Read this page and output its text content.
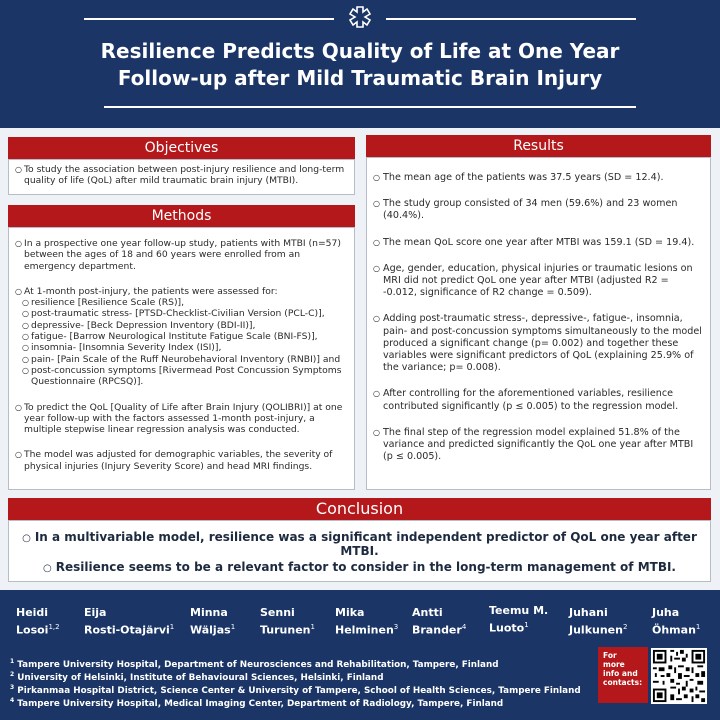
Resilience Predicts Quality of Life at One Year
Follow-up after Mild Traumatic Brain Injury
Objectives
○ To study the association between post-injury resilience and long-term quality of life (QoL) after mild traumatic brain injury (MTBI).
Methods
○ In a prospective one year follow-up study, patients with MTBI (n=57) between the ages of 18 and 60 years were enrolled from an emergency department.
○ At 1-month post-injury, the patients were assessed for:
○ resilience [Resilience Scale (RS)],
○ post-traumatic stress- [PTSD-Checklist-Civilian Version (PCL-C)],
○ depressive- [Beck Depression Inventory (BDI-II)],
○ fatigue- [Barrow Neurological Institute Fatigue Scale (BNI-FS)],
○ insomnia- [Insomnia Severity Index (ISI)],
○ pain- [Pain Scale of the Ruff Neurobehavioral Inventory (RNBI)] and
○ post-concussion symptoms [Rivermead Post Concussion Symptoms Questionnaire (RPCSQ)].
○ To predict the QoL [Quality of Life after Brain Injury (QOLIBRI)] at one year follow-up with the factors assessed 1-month post-injury, a multiple stepwise linear regression analysis was conducted.
○ The model was adjusted for demographic variables, the severity of physical injuries (Injury Severity Score) and head MRI findings.
Results
○ The mean age of the patients was 37.5 years (SD = 12.4).
○ The study group consisted of 34 men (59.6%) and 23 women (40.4%).
○ The mean QoL score one year after MTBI was 159.1 (SD = 19.4).
○ Age, gender, education, physical injuries or traumatic lesions on MRI did not predict QoL one year after MTBI (adjusted R2 = -0.012, significance of R2 change = 0.509).
○ Adding post-traumatic stress-, depressive-, fatigue-, insomnia, pain- and post-concussion symptoms simultaneously to the model produced a significant change (p= 0.002) and together these variables were significant predictors of QoL (explaining 25.9% of the variance; p= 0.008).
○ After controlling for the aforementioned variables, resilience contributed significantly (p ≤ 0.005) to the regression model.
○ The final step of the regression model explained 51.8% of the variance and predicted significantly the QoL one year after MTBI (p ≤ 0.005).
Conclusion
○ In a multivariable model, resilience was a significant independent predictor of QoL one year after MTBI.
○ Resilience seems to be a relevant factor to consider in the long-term management of MTBI.
Heidi
Losoi$^{1,2}$
Eija
Rosti-Otajärvi$^1$
Minna
Wäljas$^1$
Senni
Turunen$^1$
Mika
Helminen$^3$
Antti
Brander$^4$
Teemu M.
Luoto$^1$
Juhani
Julkunen$^2$
Juha
Öhman$^1$
$^1$ Tampere University Hospital, Department of Neurosciences and Rehabilitation, Tampere, Finland
$^2$ University of Helsinki, Institute of Behavioural Sciences, Helsinki, Finland
$^3$ Pirkanmaa Hospital District, Science Center & University of Tampere, School of Health Sciences, Tampere Finland
$^4$ Tampere University Hospital, Medical Imaging Center, Department of Radiology, Tampere, Finland
For
more
info and
contacts:
